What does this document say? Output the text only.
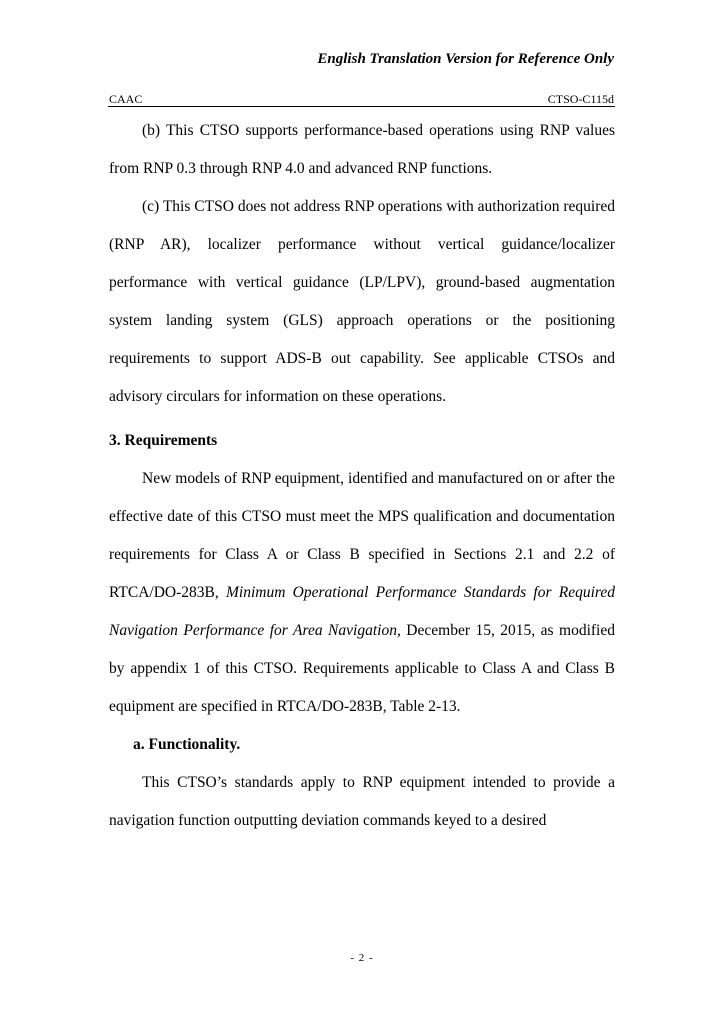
English Translation Version for Reference Only
CAAC	CTSO-C115d

(b) This CTSO supports performance-based operations using RNP values from RNP 0.3 through RNP 4.0 and advanced RNP functions.

(c) This CTSO does not address RNP operations with authorization required (RNP AR), localizer performance without vertical guidance/localizer performance with vertical guidance (LP/LPV), ground-based augmentation system landing system (GLS) approach operations or the positioning requirements to support ADS-B out capability. See applicable CTSOs and advisory circulars for information on these operations.

3. Requirements

New models of RNP equipment, identified and manufactured on or after the effective date of this CTSO must meet the MPS qualification and documentation requirements for Class A or Class B specified in Sections 2.1 and 2.2 of RTCA/DO-283B, Minimum Operational Performance Standards for Required Navigation Performance for Area Navigation, December 15, 2015, as modified by appendix 1 of this CTSO. Requirements applicable to Class A and Class B equipment are specified in RTCA/DO-283B, Table 2-13.

a. Functionality.

This CTSO’s standards apply to RNP equipment intended to provide a navigation function outputting deviation commands keyed to a desired

- 2 -
